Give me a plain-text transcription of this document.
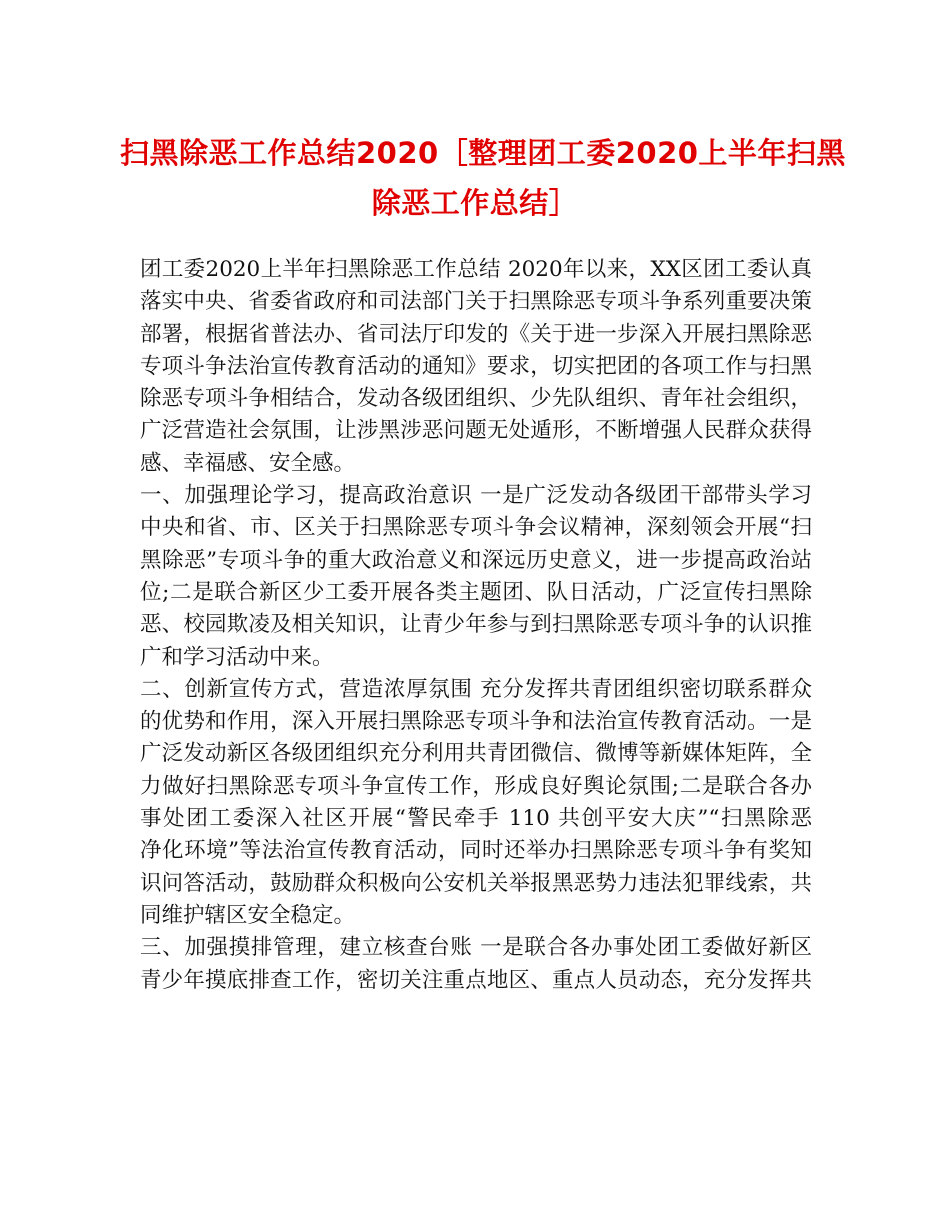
扫黑除恶工作总结2020［整理团工委2020上半年扫黑
除恶工作总结］
团工委2020上半年扫黑除恶工作总结 2020年以来，XX区团工委认真
落实中央、省委省政府和司法部门关于扫黑除恶专项斗争系列重要决策
部署，根据省普法办、省司法厅印发的《关于进一步深入开展扫黑除恶
专项斗争法治宣传教育活动的通知》要求，切实把团的各项工作与扫黑
除恶专项斗争相结合，发动各级团组织、少先队组织、青年社会组织，
广泛营造社会氛围，让涉黑涉恶问题无处遁形，不断增强人民群众获得
感、幸福感、安全感。
一、加强理论学习，提高政治意识 一是广泛发动各级团干部带头学习
中央和省、市、区关于扫黑除恶专项斗争会议精神，深刻领会开展“扫
黑除恶”专项斗争的重大政治意义和深远历史意义，进一步提高政治站
位;二是联合新区少工委开展各类主题团、队日活动，广泛宣传扫黑除
恶、校园欺凌及相关知识，让青少年参与到扫黑除恶专项斗争的认识推
广和学习活动中来。
二、创新宣传方式，营造浓厚氛围 充分发挥共青团组织密切联系群众
的优势和作用，深入开展扫黑除恶专项斗争和法治宣传教育活动。一是
广泛发动新区各级团组织充分利用共青团微信、微博等新媒体矩阵，全
力做好扫黑除恶专项斗争宣传工作，形成良好舆论氛围;二是联合各办
事处团工委深入社区开展“警民牵手 110 共创平安大庆”“扫黑除恶
净化环境”等法治宣传教育活动，同时还举办扫黑除恶专项斗争有奖知
识问答活动，鼓励群众积极向公安机关举报黑恶势力违法犯罪线索，共
同维护辖区安全稳定。
三、加强摸排管理，建立核查台账 一是联合各办事处团工委做好新区
青少年摸底排查工作，密切关注重点地区、重点人员动态，充分发挥共
